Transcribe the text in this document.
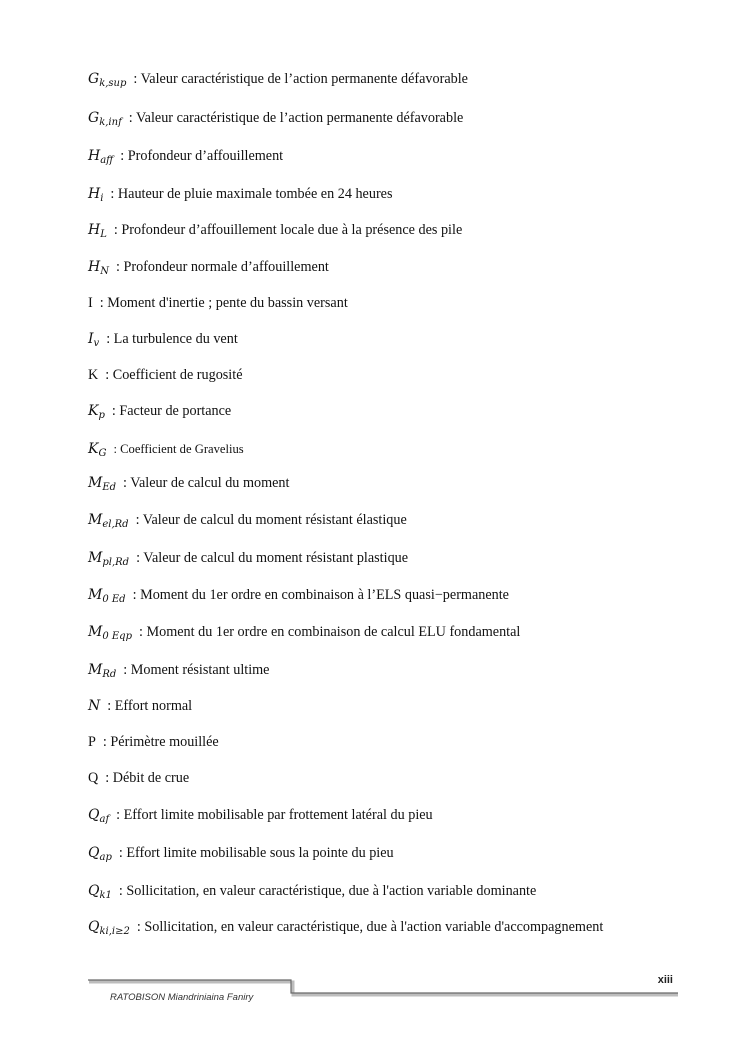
$G_{k,sup}$ : Valeur caractéristique de l’action permanente défavorable
$G_{k,inf}$ : Valeur caractéristique de l’action permanente défavorable
$H_{aff}$ : Profondeur d’affouillement
$H_i$ : Hauteur de pluie maximale tombée en 24 heures
$H_L$ : Profondeur d’affouillement locale due à la présence des pile
$H_N$ : Profondeur normale d’affouillement
I : Moment d'inertie ; pente du bassin versant
$I_v$ : La turbulence du vent
K : Coefficient de rugosité
$K_p$ : Facteur de portance
$K_G$ : Coefficient de Gravelius
$M_{Ed}$ : Valeur de calcul du moment
$M_{el,Rd}$ : Valeur de calcul du moment résistant élastique
$M_{pl,Rd}$ : Valeur de calcul du moment résistant plastique
$M_{0 Ed}$ : Moment du 1er ordre en combinaison à l’ELS quasi−permanente
$M_{0 Eqp}$ : Moment du 1er ordre en combinaison de calcul ELU fondamental
$M_{Rd}$ : Moment résistant ultime
N : Effort normal
P : Périmètre mouillée
Q : Débit de crue
$Q_{af}$ : Effort limite mobilisable par frottement latéral du pieu
$Q_{ap}$ : Effort limite mobilisable sous la pointe du pieu
$Q_{k1}$ : Sollicitation, en valeur caractéristique, due à l'action variable dominante
$Q_{ki,i\ge 2}$ : Sollicitation, en valeur caractéristique, due à l'action variable d'accompagnement
xiii
RATOBISON Miandriniaina Faniry
